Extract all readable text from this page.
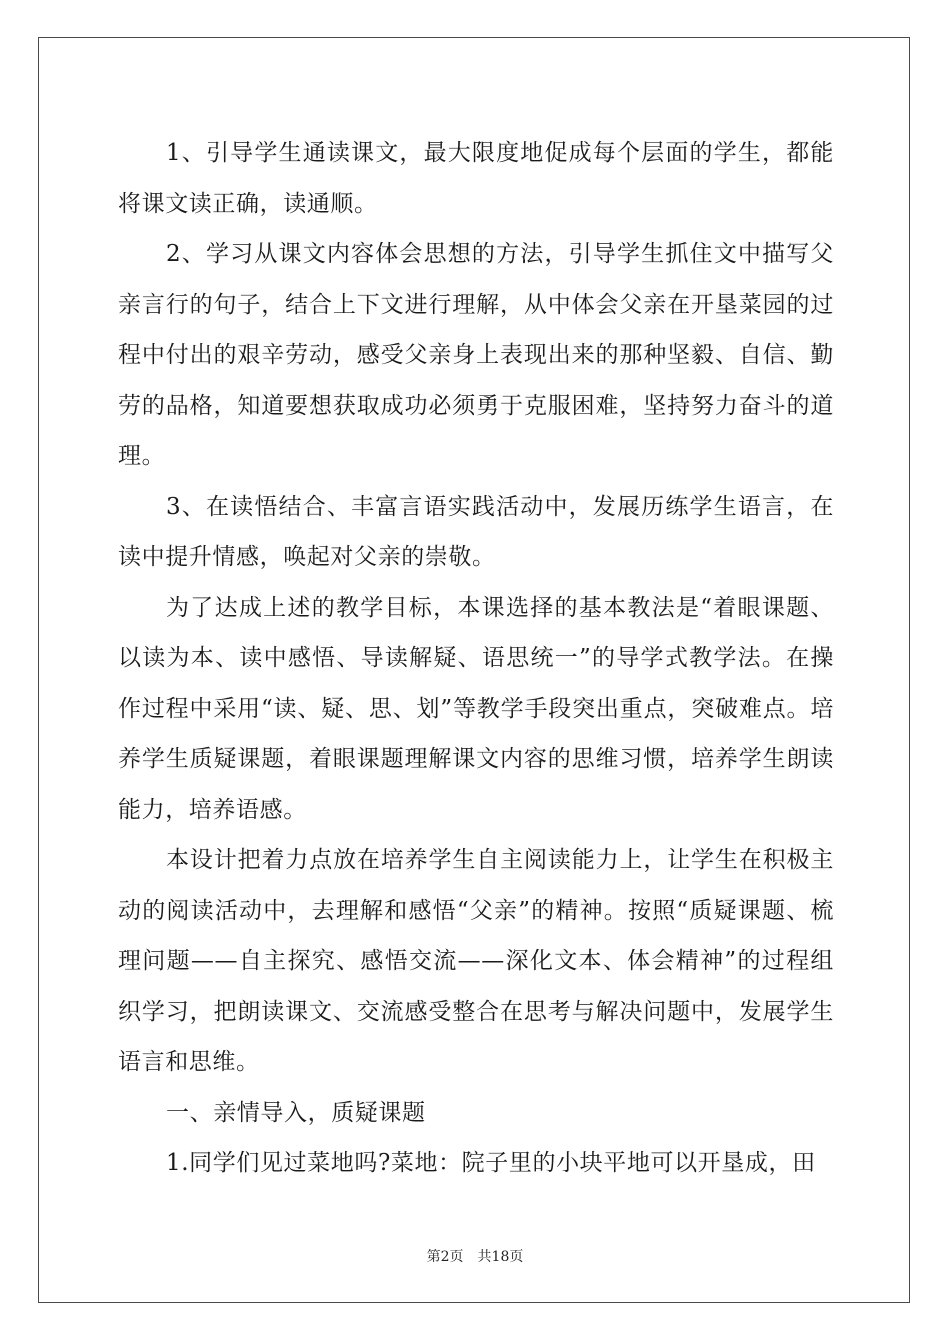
1、引导学生通读课文，最大限度地促成每个层面的学生，都能将课文读正确，读通顺。

2、学习从课文内容体会思想的方法，引导学生抓住文中描写父亲言行的句子，结合上下文进行理解，从中体会父亲在开垦菜园的过程中付出的艰辛劳动，感受父亲身上表现出来的那种坚毅、自信、勤劳的品格，知道要想获取成功必须勇于克服困难，坚持努力奋斗的道理。

3、在读悟结合、丰富言语实践活动中，发展历练学生语言，在读中提升情感，唤起对父亲的崇敬。

为了达成上述的教学目标，本课选择的基本教法是“着眼课题、以读为本、读中感悟、导读解疑、语思统一”的导学式教学法。在操作过程中采用“读、疑、思、划”等教学手段突出重点，突破难点。培养学生质疑课题，着眼课题理解课文内容的思维习惯，培养学生朗读能力，培养语感。

本设计把着力点放在培养学生自主阅读能力上，让学生在积极主动的阅读活动中，去理解和感悟“父亲”的精神。按照“质疑课题、梳理问题——自主探究、感悟交流——深化文本、体会精神”的过程组织学习，把朗读课文、交流感受整合在思考与解决问题中，发展学生语言和思维。

一、亲情导入，质疑课题

1.同学们见过菜地吗?菜地：院子里的小块平地可以开垦成，田

第2页 共18页
